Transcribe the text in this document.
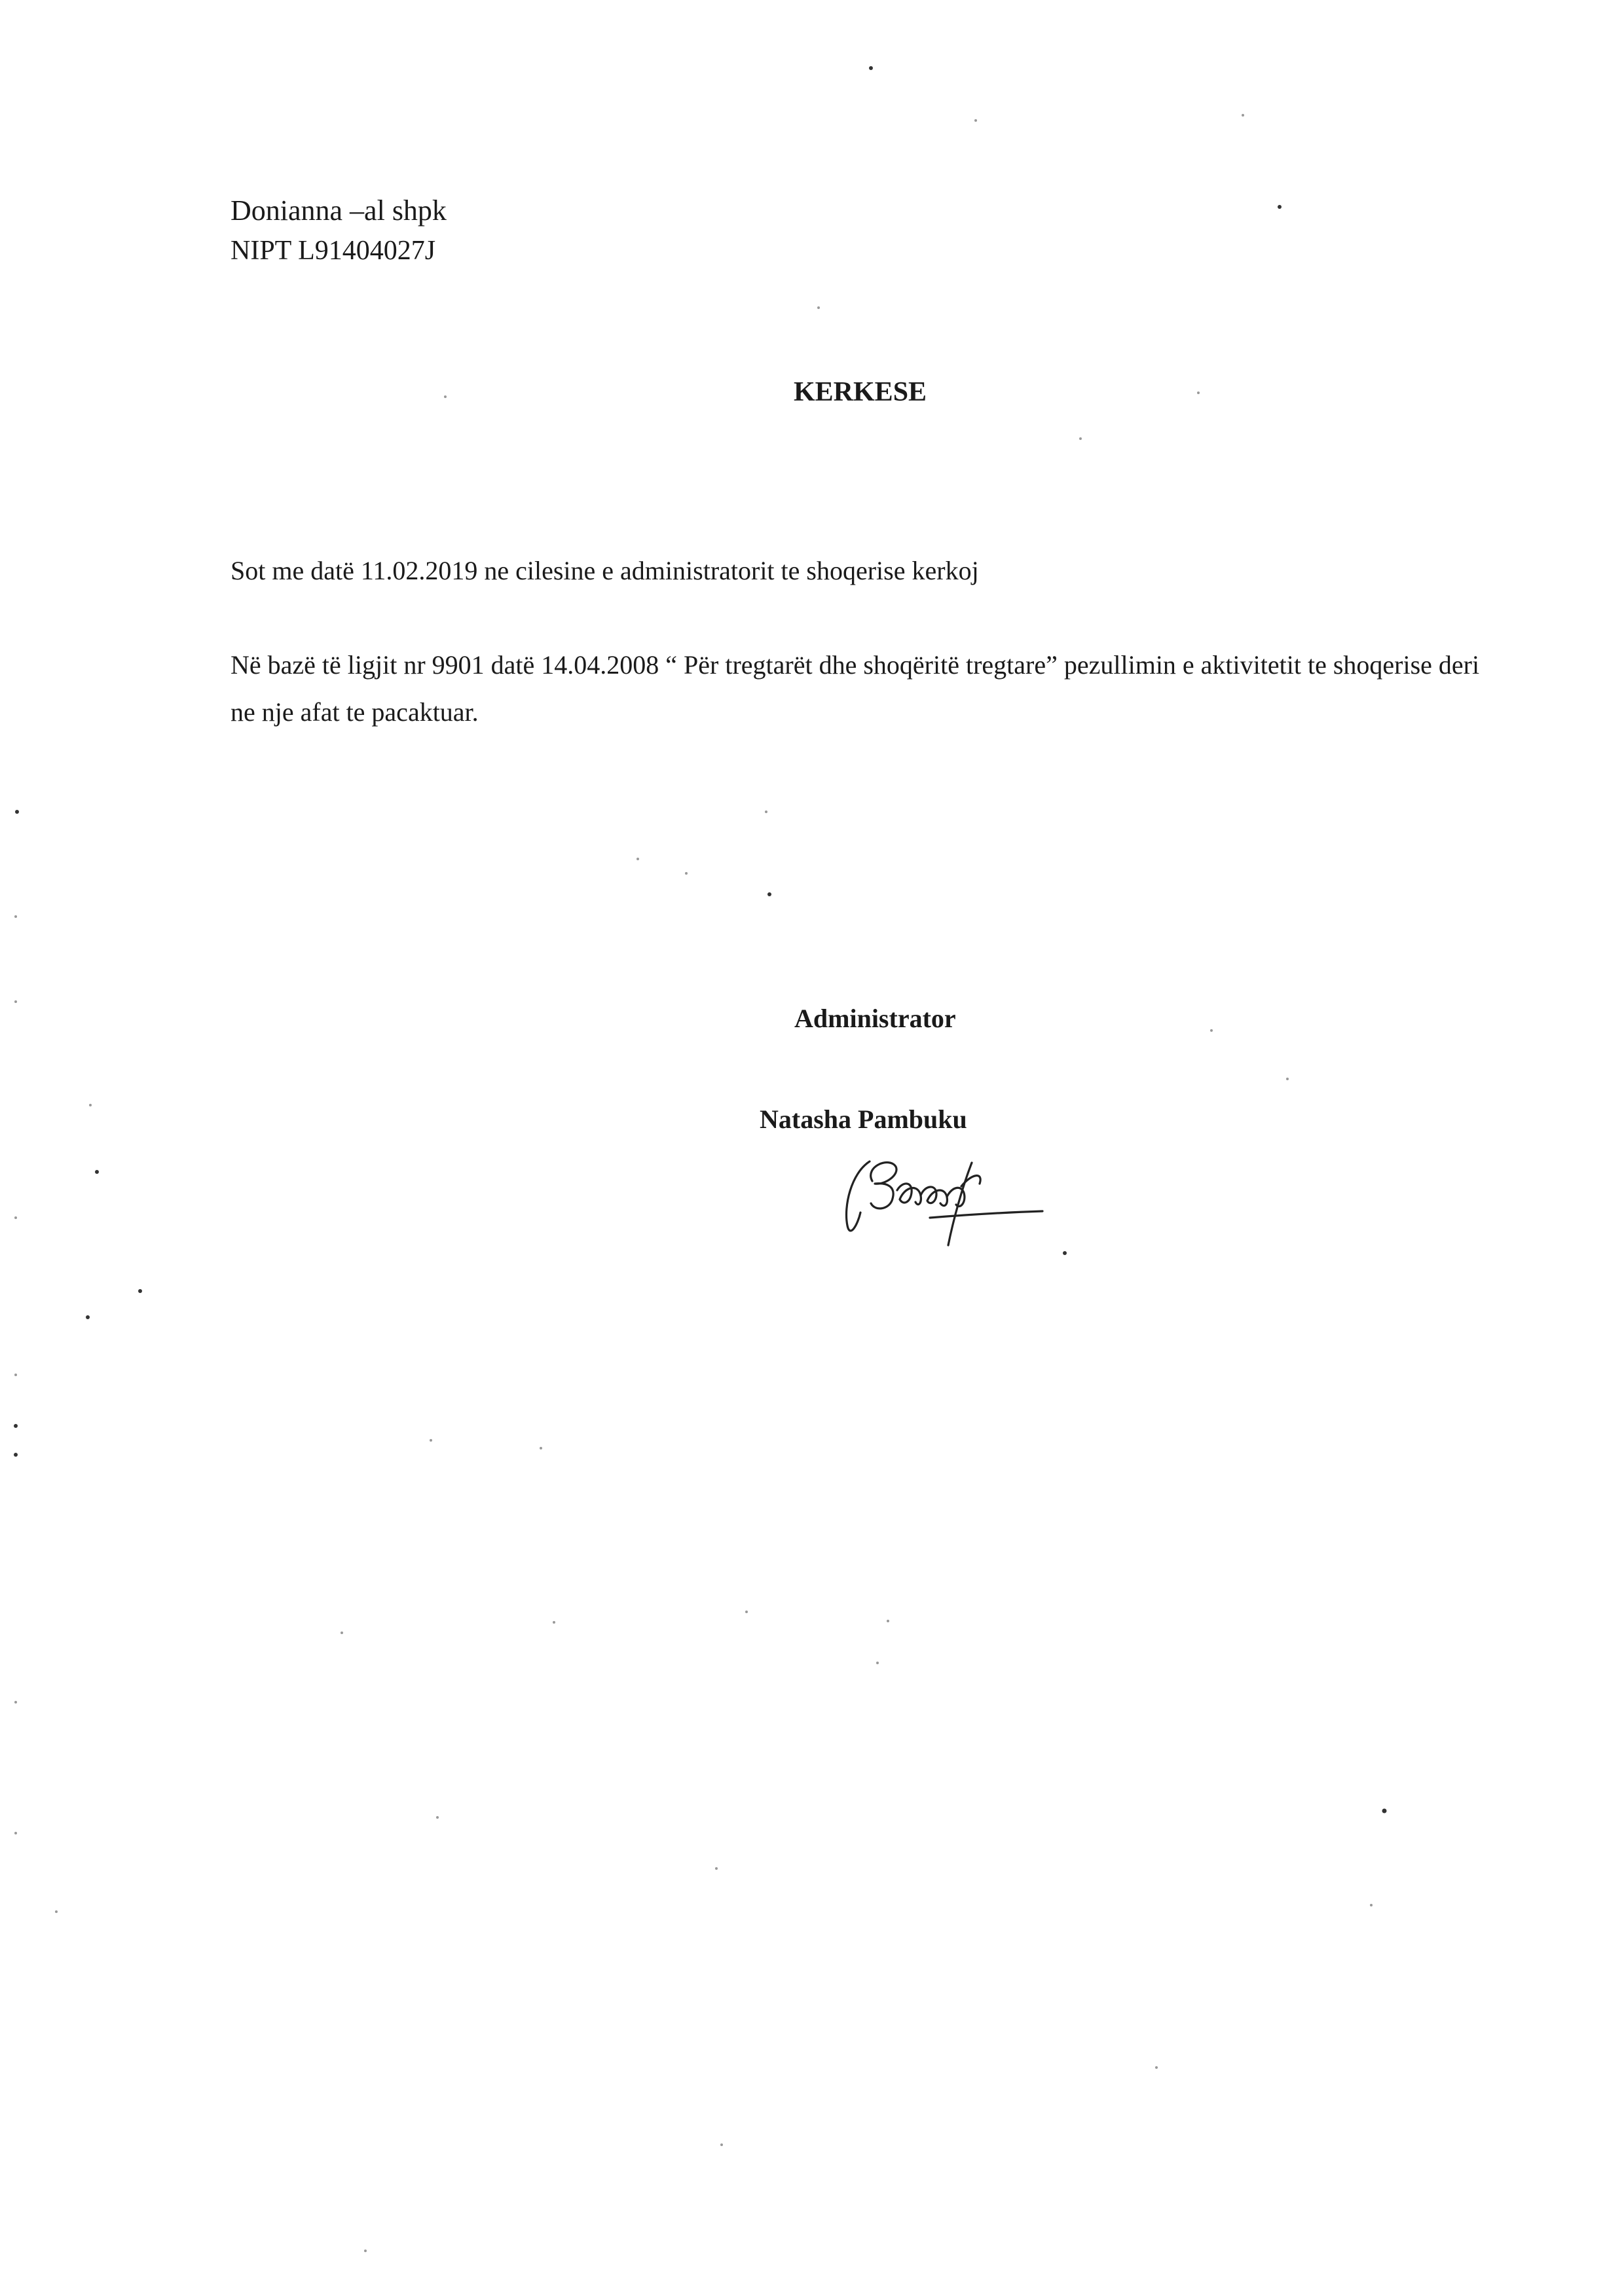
Donianna –al shpk
NIPT L91404027J
KERKESE
Sot me datë 11.02.2019 ne cilesine e administratorit te shoqerise kerkoj
Në bazë të ligjit nr 9901 datë 14.04.2008 “ Për tregtarët dhe shoqëritë tregtare” pezullimin e aktivitetit te shoqerise deri ne nje afat te pacaktuar.
Administrator
Natasha Pambuku
